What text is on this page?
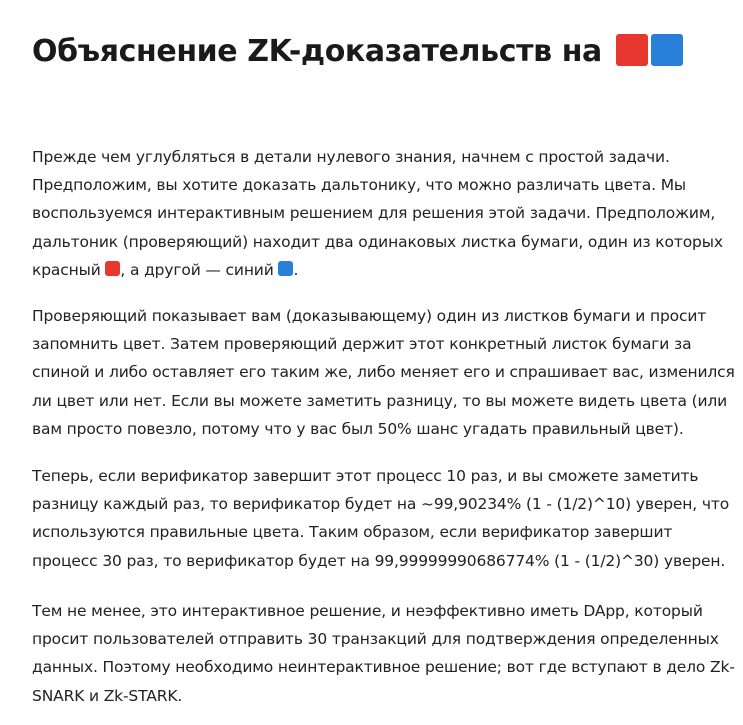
Объяснение ZK-доказательств на

Прежде чем углубляться в детали нулевого знания, начнем с простой задачи.
Предположим, вы хотите доказать дальтонику, что можно различать цвета. Мы
воспользуемся интерактивным решением для решения этой задачи. Предположим,
дальтоник (проверяющий) находит два одинаковых листка бумаги, один из которых
красный , а другой — синий .

Проверяющий показывает вам (доказывающему) один из листков бумаги и просит
запомнить цвет. Затем проверяющий держит этот конкретный листок бумаги за
спиной и либо оставляет его таким же, либо меняет его и спрашивает вас, изменился
ли цвет или нет. Если вы можете заметить разницу, то вы можете видеть цвета (или
вам просто повезло, потому что у вас был 50% шанс угадать правильный цвет).

Теперь, если верификатор завершит этот процесс 10 раз, и вы сможете заметить
разницу каждый раз, то верификатор будет на ~99,90234% (1 - (1/2)^10) уверен, что
используются правильные цвета. Таким образом, если верификатор завершит
процесс 30 раз, то верификатор будет на 99,99999990686774% (1 - (1/2)^30) уверен.

Тем не менее, это интерактивное решение, и неэффективно иметь DApp, который
просит пользователей отправить 30 транзакций для подтверждения определенных
данных. Поэтому необходимо неинтерактивное решение; вот где вступают в дело Zk-
SNARK и Zk-STARK.
